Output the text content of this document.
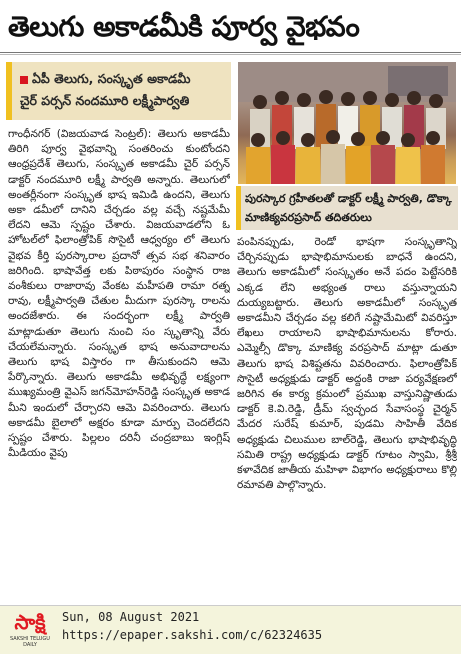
తెలుగు అకాడమీకి పూర్వ వైభవం
ఏపీ తెలుగు, సంస్కృత అకాడమీ
చైర్ పర్సన్ నందమూరి లక్ష్మీపార్వతి
పురస్కార గ్రహీతలతో డాక్టర్ లక్ష్మీ పార్వతి, డొక్కా మాణిక్యవరప్రసాద్ తదితరులు
గాంధీనగర్ (విజయవాడ సెంట్రల్): తెలుగు అకాడమీ తిరిగి పూర్వ వైభవాన్ని సంతరించు కుంటోందని ఆంధ్రప్రదేశ్ తెలుగు, సంస్కృత అకాడమీ చైర్ పర్సన్ డాక్టర్ నందమూరి లక్ష్మీ పార్వతి అన్నారు. తెలుగులో అంతర్లీనంగా సంస్కృత భాష ఇమిడి ఉందని, తెలుగు అకా డమీలో దానిని చేర్చడం వల్ల వచ్చే నష్టమేమీ లేదని ఆమె స్పష్టం చేశారు. విజయవాడలోని ఓ హోటల్‌లో ఫిలాంత్రోపిక్ సొసైటీ ఆధ్వర్యం లో తెలుగు వైభవ కీర్తి పురస్కారాల ప్రదానో త్సవ సభ శనివారం జరిగింది. భాషావేత్త లకు పిఠాపురం సంస్థాన రాజ వంశీకులు రాజారావు వేంకట మహీపతి రామా రత్న రావు, లక్ష్మీపార్వతి చేతుల మీదుగా పురస్కా రాలను అందజేశారు. ఈ సందర్భంగా లక్ష్మీ పార్వతి మాట్లాడుతూ తెలుగు నుంచి సం స్కృతాన్ని వేరు చేయలేమన్నారు. సంస్కృత భాష అనువాదాలను తెలుగు భాష విస్తారం గా తీసుకుందని ఆమె పేర్కొన్నారు. తెలుగు అకాడమీ అభివృద్ధే లక్ష్యంగా ముఖ్యమంత్రి వైఎస్ జగన్‌మోహన్‌రెడ్డి సంస్కృత అకాడ మీని ఇందులో చేర్చారని ఆమె వివరించారు. తెలుగు అకాడమీ బైలాలో అక్షరం కూడా మార్పు చెందలేదని స్పష్టం చేశారు. పిల్లలం దరినీ చంద్రబాబు ఇంగ్లిష్ మీడియం వైపు
పంపినప్పుడు, రెండో భాషగా సంస్కృతాన్ని చేర్చినప్పుడు భాషాభిమానులకు బాధనే ఉందని, తెలుగు అకాడమీలో సంస్కృతం అనే పదం పెట్టేసరికి ఎక్కడ లేని అభ్యంత రాలు వస్తున్నాయని దుయ్యబట్టారు. తెలుగు అకాడమీలో సంస్కృత అకాడమీని చేర్చడం వల్ల కలిగే నష్టామేమిటో వివరిస్తూ లేఖలు రాయాలని భాషాభిమానులను కోరారు. ఎమ్మెల్సీ డొక్కా మాణిక్య వరప్రసాద్ మాట్లా డుతూ తెలుగు భాష విశిష్టతను వివరించారు. ఫిలాంత్రోపిక్ సొసైటీ అధ్యక్షుడు డాక్టర్ అద్దంకి రాజా పర్యవేక్షణలో జరిగిన ఈ కార్య క్రమంలో ప్రముఖ వాస్తునిష్ణాతుడు డాక్టర్ కె.వి.రెడ్డి, డ్రీమ్ స్వచ్ఛంద సేవాసంస్థ చైర్మన్ మేదర సురేష్ కుమార్, పుడమి సాహితీ వేదిక అధ్యక్షుడు చిలుముల బాల్‌రెడ్డి, తెలుగు భాషాభివృద్ధి సమితి రాష్ట్ర అధ్యక్షుడు డాక్టర్ గూటం స్వామి, శ్రీశ్రీ కళావేదిక జాతీయ మహిళా విభాగం అధ్యక్షురాలు కొల్లి రమావతి పాల్గొన్నారు.
సాక్షి
SAKSHI TELUGU DAILY
Sun, 08 August 2021
https://epaper.sakshi.com/c/62324635
